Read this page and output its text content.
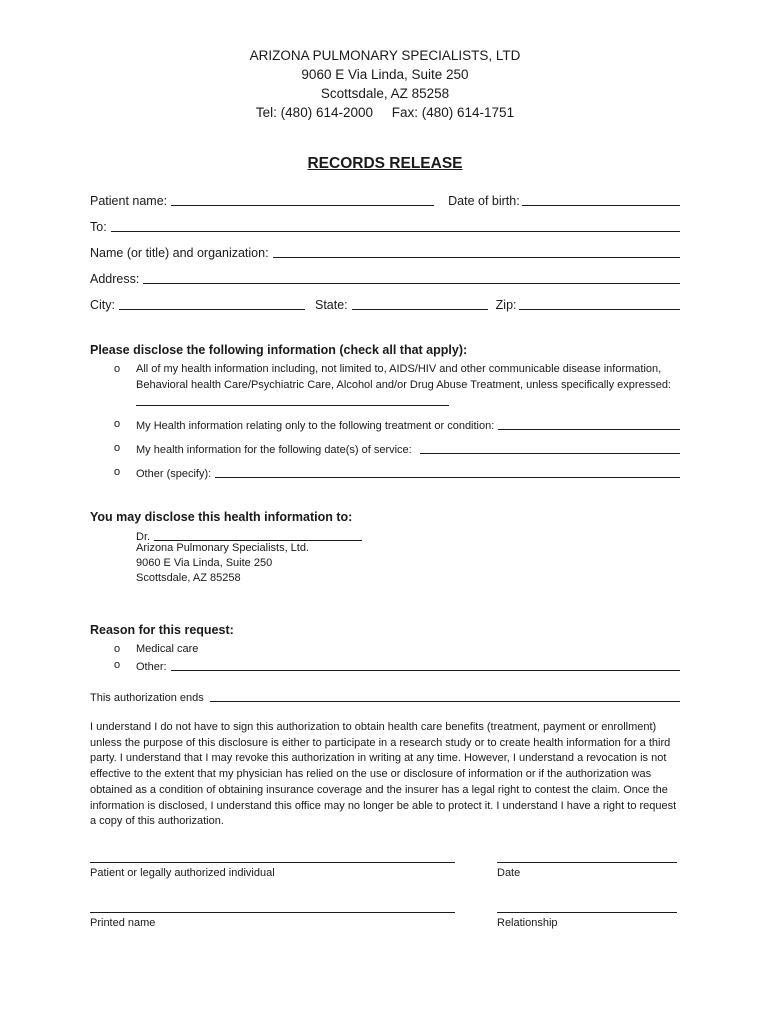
ARIZONA PULMONARY SPECIALISTS, LTD
9060 E Via Linda, Suite 250
Scottsdale, AZ 85258
Tel: (480) 614-2000     Fax: (480) 614-1751
RECORDS RELEASE
Patient name:	Date of birth:
To:
Name (or title) and organization:
Address:
City:	State:	Zip:
Please disclose the following information (check all that apply):
o All of my health information including, not limited to, AIDS/HIV and other communicable disease information,
Behavioral health Care/Psychiatric Care, Alcohol and/or Drug Abuse Treatment, unless specifically expressed:
o My Health information relating only to the following treatment or condition:
o My health information for the following date(s) of service:
o Other (specify):
You may disclose this health information to:
Dr.
Arizona Pulmonary Specialists, Ltd.
9060 E Via Linda, Suite 250
Scottsdale, AZ 85258
Reason for this request:
o Medical care
o Other:
This authorization ends
I understand I do not have to sign this authorization to obtain health care benefits (treatment, payment or enrollment) unless the purpose of this disclosure is either to participate in a research study or to create health information for a third party. I understand that I may revoke this authorization in writing at any time. However, I understand a revocation is not effective to the extent that my physician has relied on the use or disclosure of information or if the authorization was obtained as a condition of obtaining insurance coverage and the insurer has a legal right to contest the claim. Once the information is disclosed, I understand this office may no longer be able to protect it. I understand I have a right to request a copy of this authorization.
Patient or legally authorized individual	Date
Printed name	Relationship
